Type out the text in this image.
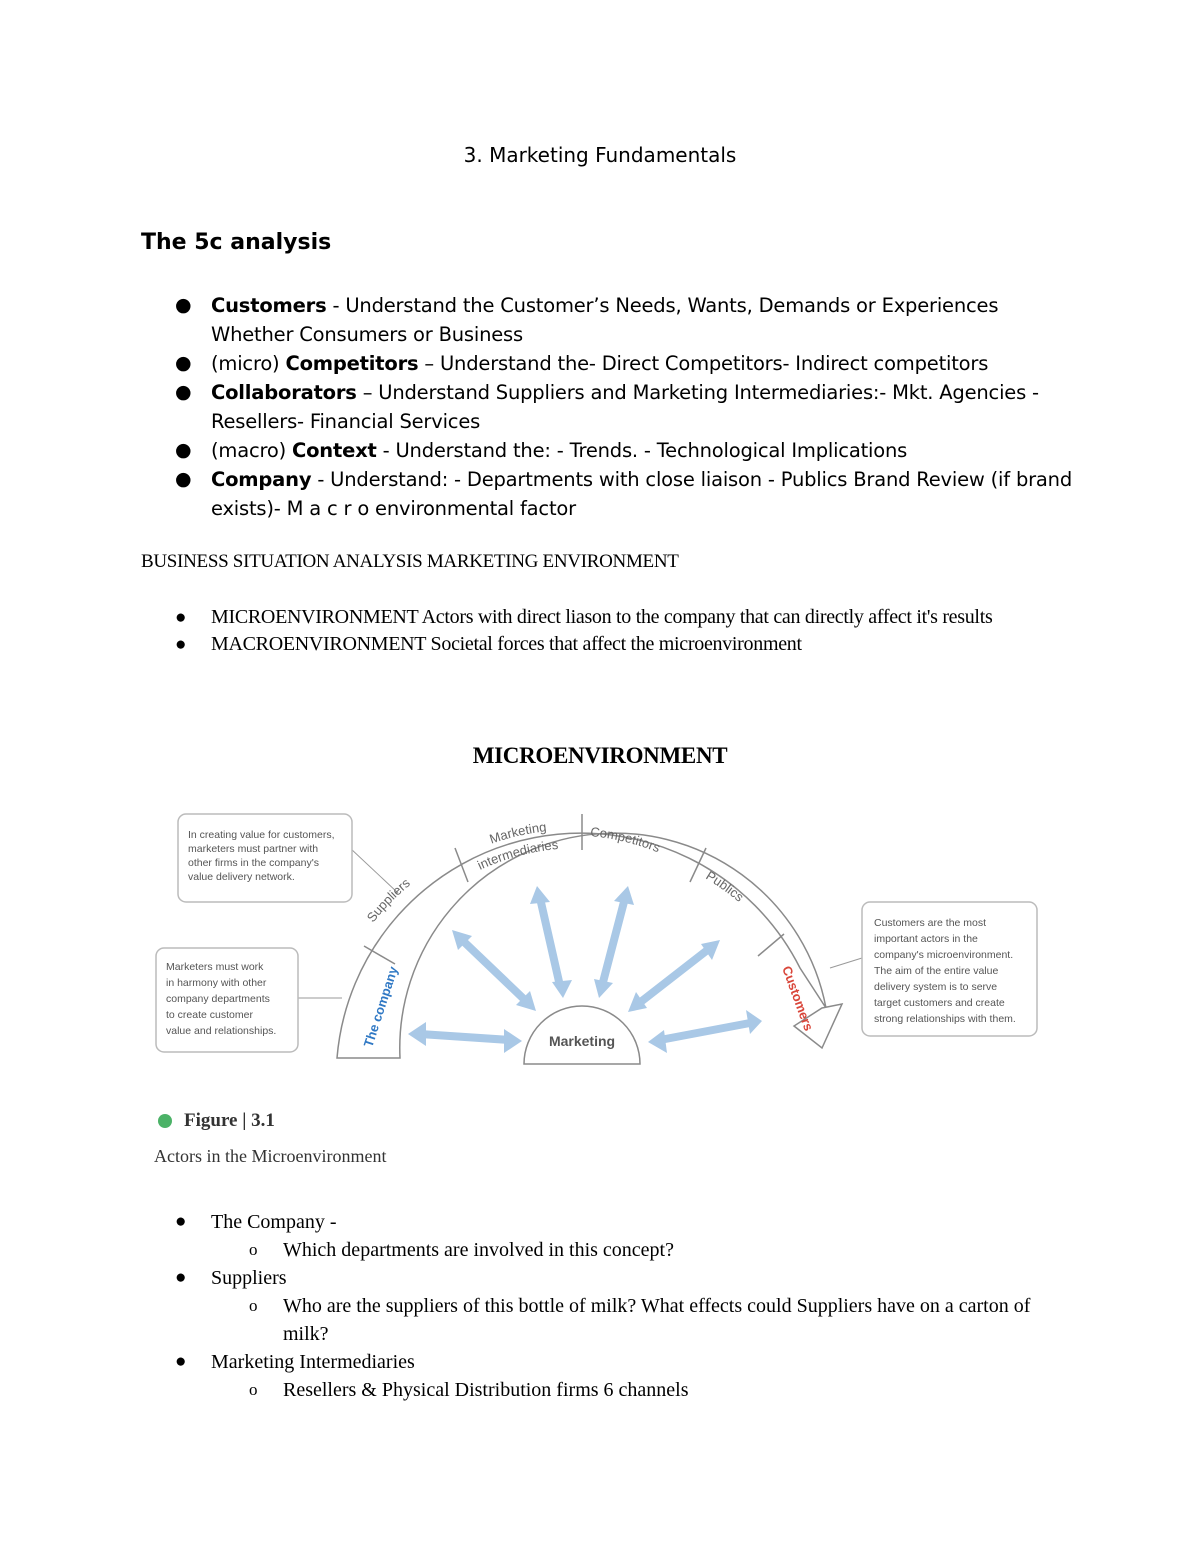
3. Marketing Fundamentals
The 5c analysis
● Customers - Understand the Customer’s Needs, Wants, Demands or Experiences Whether Consumers or Business
● (micro) Competitors – Understand the- Direct Competitors- Indirect competitors
● Collaborators – Understand Suppliers and Marketing Intermediaries:- Mkt. Agencies - Resellers- Financial Services
● (macro) Context - Understand the: - Trends. - Technological Implications
● Company - Understand: - Departments with close liaison - Publics Brand Review (if brand exists)- M a c r o environmental factor
BUSINESS SITUATION ANALYSIS MARKETING ENVIRONMENT
● MICROENVIRONMENT Actors with direct liason to the company that can directly affect it's results
● MACROENVIRONMENT Societal forces that affect the microenvironment
MICROENVIRONMENT
In creating value for customers, marketers must partner with other firms in the company's value delivery network.
Marketers must work in harmony with other company departments to create customer value and relationships.
Customers are the most important actors in the company's microenvironment. The aim of the entire value delivery system is to serve target customers and create strong relationships with them.
The company
Suppliers
Marketing
intermediaries
Competitors
Publics
Customers
Marketing
Figure | 3.1
Actors in the Microenvironment
● The Company -
o Which departments are involved in this concept?
● Suppliers
o Who are the suppliers of this bottle of milk? What effects could Suppliers have on a carton of milk?
● Marketing Intermediaries
o Resellers & Physical Distribution firms 6 channels
